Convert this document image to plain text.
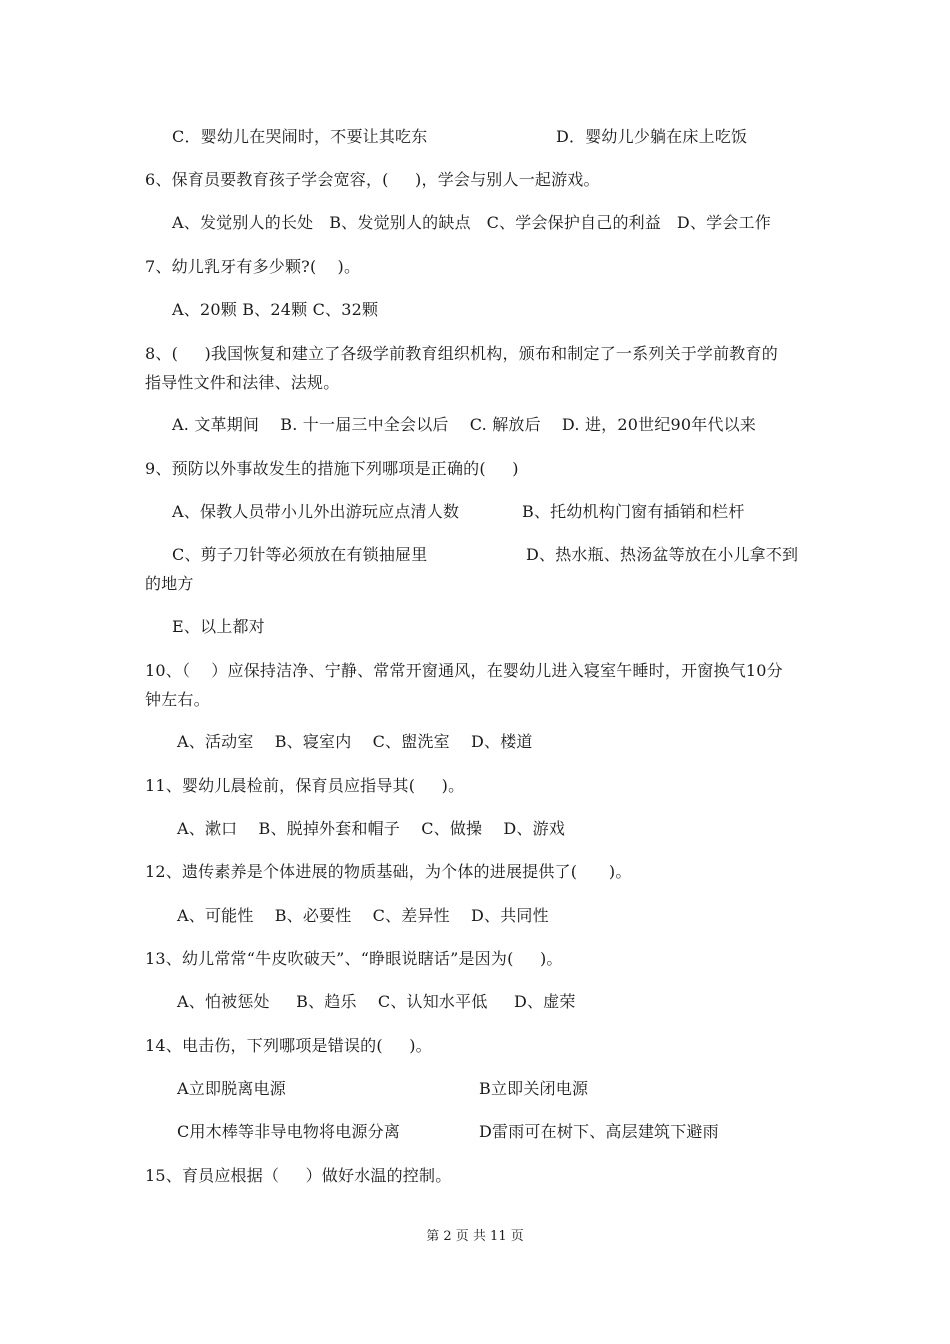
C．婴幼儿在哭闹时，不要让其吃东	D．婴幼儿少躺在床上吃饭
6、保育员要教育孩子学会宽容，(     )，学会与别人一起游戏。
A、发觉别人的长处   B、发觉别人的缺点   C、学会保护自己的利益   D、学会工作
7、幼儿乳牙有多少颗?(    )。
A、20颗 B、24颗 C、32颗
8、(     )我国恢复和建立了各级学前教育组织机构，颁布和制定了一系列关于学前教育的
指导性文件和法律、法规。
A. 文革期间    B. 十一届三中全会以后    C. 解放后    D. 进，20世纪90年代以来
9、预防以外事故发生的措施下列哪项是正确的(     )
A、保教人员带小儿外出游玩应点清人数	B、托幼机构门窗有插销和栏杆
C、剪子刀针等必须放在有锁抽屉里	D、热水瓶、热汤盆等放在小儿拿不到
的地方
E、以上都对
10、（    ）应保持洁净、宁静、常常开窗通风，在婴幼儿进入寝室午睡时，开窗换气10分
钟左右。
A、活动室    B、寝室内    C、盥洗室    D、楼道
11、婴幼儿晨检前，保育员应指导其(     )。
A、漱口    B、脱掉外套和帽子    C、做操    D、游戏
12、遗传素养是个体进展的物质基础，为个体的进展提供了(      )。
A、可能性    B、必要性    C、差异性    D、共同性
13、幼儿常常“牛皮吹破天”、“睁眼说瞎话”是因为(     )。
A、怕被惩处     B、趋乐    C、认知水平低     D、虚荣
14、电击伤，下列哪项是错误的(     )。
A立即脱离电源	B立即关闭电源
C用木棒等非导电物将电源分离	D雷雨可在树下、高层建筑下避雨
15、育员应根据（     ）做好水温的控制。
第 2 页 共 11 页
